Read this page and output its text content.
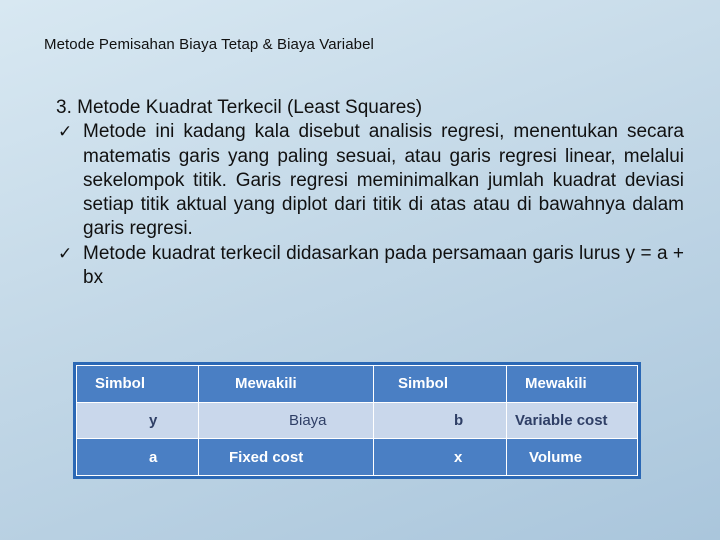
Metode Pemisahan Biaya Tetap & Biaya Variabel

3. Metode Kuadrat Terkecil (Least Squares)

✓ Metode ini kadang kala disebut analisis regresi, menentukan secara matematis garis yang paling sesuai, atau garis regresi linear, melalui sekelompok titik. Garis regresi meminimalkan jumlah kuadrat deviasi setiap titik aktual yang diplot dari titik di atas atau di bawahnya dalam garis regresi.

✓ Metode kuadrat terkecil didasarkan pada persamaan garis lurus y = a + bx

Simbol	Mewakili	Simbol	Mewakili
y	Biaya	b	Variable cost
a	Fixed cost	x	Volume
